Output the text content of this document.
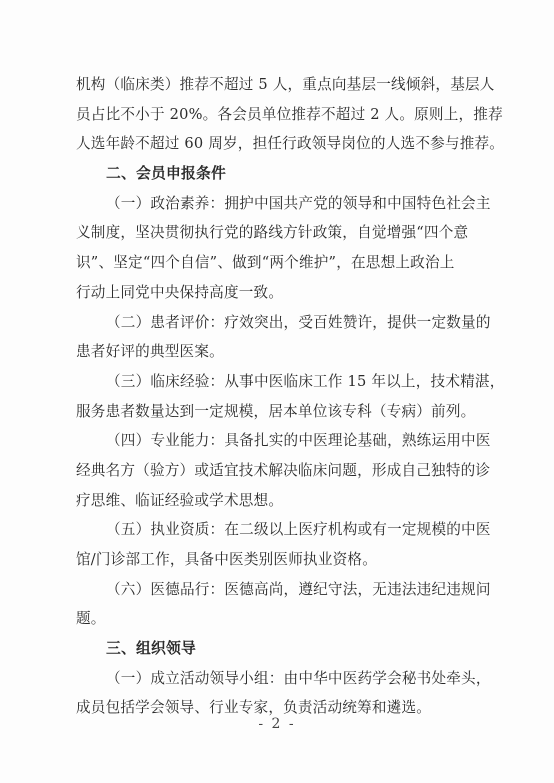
机构（临床类）推荐不超过 5 人，重点向基层一线倾斜，基层人
员占比不小于 20%。各会员单位推荐不超过 2 人。原则上，推荐
人选年龄不超过 60 周岁，担任行政领导岗位的人选不参与推荐。
二、会员申报条件
（一）政治素养：拥护中国共产党的领导和中国特色社会主
义制度，坚决贯彻执行党的路线方针政策，自觉增强“四个意
识”、坚定“四个自信”、做到“两个维护”，在思想上政治上
行动上同党中央保持高度一致。
（二）患者评价：疗效突出，受百姓赞许，提供一定数量的
患者好评的典型医案。
（三）临床经验：从事中医临床工作 15 年以上，技术精湛，
服务患者数量达到一定规模，居本单位该专科（专病）前列。
（四）专业能力：具备扎实的中医理论基础，熟练运用中医
经典名方（验方）或适宜技术解决临床问题，形成自己独特的诊
疗思维、临证经验或学术思想。
（五）执业资质：在二级以上医疗机构或有一定规模的中医
馆/门诊部工作，具备中医类别医师执业资格。
（六）医德品行：医德高尚，遵纪守法，无违法违纪违规问
题。
三、组织领导
（一）成立活动领导小组：由中华中医药学会秘书处牵头，
成员包括学会领导、行业专家，负责活动统筹和遴选。
- 2 -
